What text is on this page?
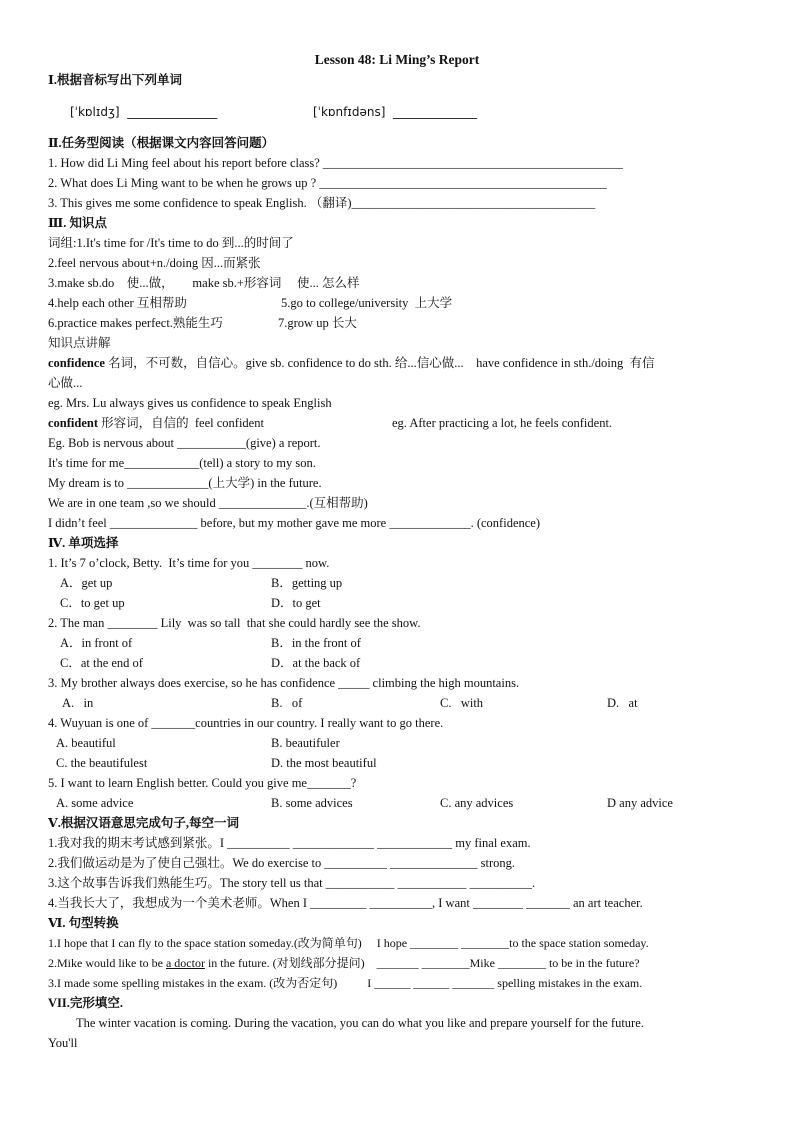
Lesson 48: Li Ming’s Report
Ⅰ.根据音标写出下列单词
[ˈkɒlɪdʒ]  _______________	[ˈkɒnfɪdəns]  ______________
Ⅱ.任务型阅读（根据课文内容回答问题）
1. How did Li Ming feel about his report before class? ________________________________________________
2. What does Li Ming want to be when he grows up ? ______________________________________________
3. This gives me some confidence to speak English. （翻译)_______________________________________
Ⅲ. 知识点
词组:1.It's time for /It's time to do 到...的时间了
2.feel nervous about+n./doing 因...而紧张
3.make sb.do    使...做，      make sb.+形容词     使... 怎么样
4.help each other 互相帮助	5.go to college/university  上大学
6.practice makes perfect.熟能生巧	7.grow up 长大
知识点讲解
confidence 名词，不可数，自信心。give sb. confidence to do sth. 给...信心做...    have confidence in sth./doing  有信
心做...
eg. Mrs. Lu always gives us confidence to speak English
confident 形容词，自信的  feel confident	eg. After practicing a lot, he feels confident.
Eg. Bob is nervous about ___________(give) a report.
It's time for me____________(tell) a story to my son.
My dream is to _____________(上大学) in the future.
We are in one team ,so we should ______________.(互相帮助)
I didn’t feel ______________ before, but my mother gave me more _____________. (confidence)
Ⅳ. 单项选择
1. It’s 7 o’clock, Betty.  It’s time for you ________ now.
A．get up	B．getting up
C．to get up	D．to get
2. The man ________ Lily  was so tall  that she could hardly see the show.
A．in front of	B．in the front of
C．at the end of	D．at the back of
3. My brother always does exercise, so he has confidence _____ climbing the high mountains.
A.   in	B.   of	C.   with	D.   at
4. Wuyuan is one of _______countries in our country. I really want to go there.
A. beautiful	B. beautifuler
C. the beautifulest	D. the most beautiful
5. I want to learn English better. Could you give me_______?
A. some advice	B. some advices	C. any advices	D any advice
Ⅴ.根据汉语意思完成句子,每空一词
1.我对我的期末考试感到紧张。I __________ _____________ ____________ my final exam.
2.我们做运动是为了使自己强壮。We do exercise to __________ ______________ strong.
3.这个故事告诉我们熟能生巧。The story tell us that ___________ ___________ __________.
4.当我长大了，我想成为一个美术老师。When I _________ __________, I want ________ _______ an art teacher.
Ⅵ. 句型转换
1.I hope that I can fly to the space station someday.(改为简单句)     I hope ________ ________to the space station someday.
2.Mike would like to be a doctor in the future. (对划线部分提问)    _______ ________Mike ________ to be in the future?
3.I made some spelling mistakes in the exam. (改为否定句)          I ______ ______ _______ spelling mistakes in the exam.
VII.完形填空.
The winter vacation is coming. During the vacation, you can do what you like and prepare yourself for the future.
You'll
